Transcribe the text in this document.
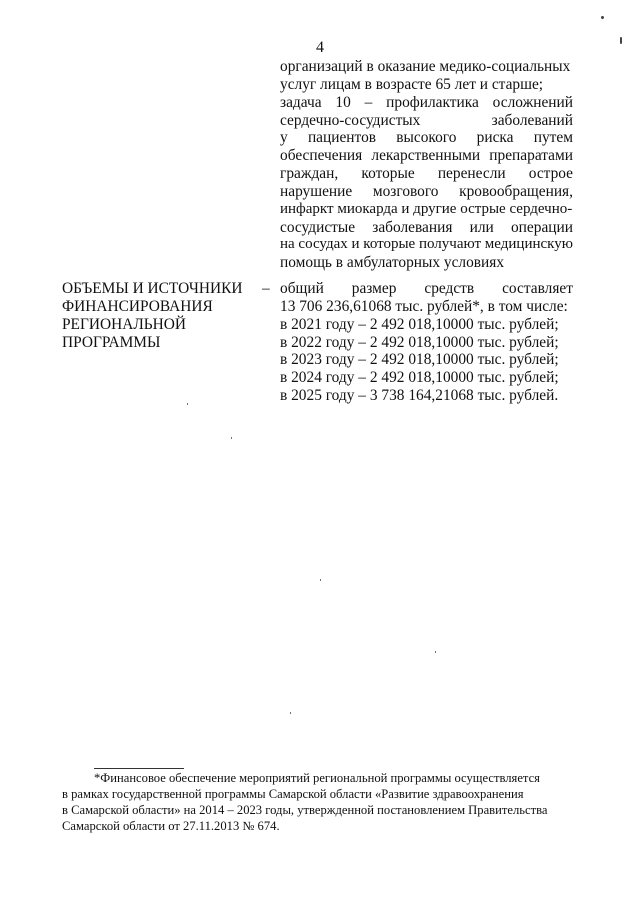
4
организаций в оказание медико-социальных
услуг лицам в возрасте 65 лет и старше;
задача 10 – профилактика осложнений
сердечно-сосудистых	заболеваний
у пациентов высокого риска путем
обеспечения лекарственными препаратами
граждан, которые перенесли острое
нарушение мозгового кровообращения,
инфаркт миокарда и другие острые сердечно-
сосудистые заболевания или операции
на сосудах и которые получают медицинскую
помощь в амбулаторных условиях
ОБЪЕМЫ И ИСТОЧНИКИ
ФИНАНСИРОВАНИЯ
РЕГИОНАЛЬНОЙ
ПРОГРАММЫ
– общий размер средств составляет
13 706 236,61068 тыс. рублей*, в том числе:
в 2021 году – 2 492 018,10000 тыс. рублей;
в 2022 году – 2 492 018,10000 тыс. рублей;
в 2023 году – 2 492 018,10000 тыс. рублей;
в 2024 году – 2 492 018,10000 тыс. рублей;
в 2025 году – 3 738 164,21068 тыс. рублей.
*Финансовое обеспечение мероприятий региональной программы осуществляется
в рамках государственной программы Самарской области «Развитие здравоохранения
в Самарской области» на 2014 – 2023 годы, утвержденной постановлением Правительства
Самарской области от 27.11.2013 № 674.
